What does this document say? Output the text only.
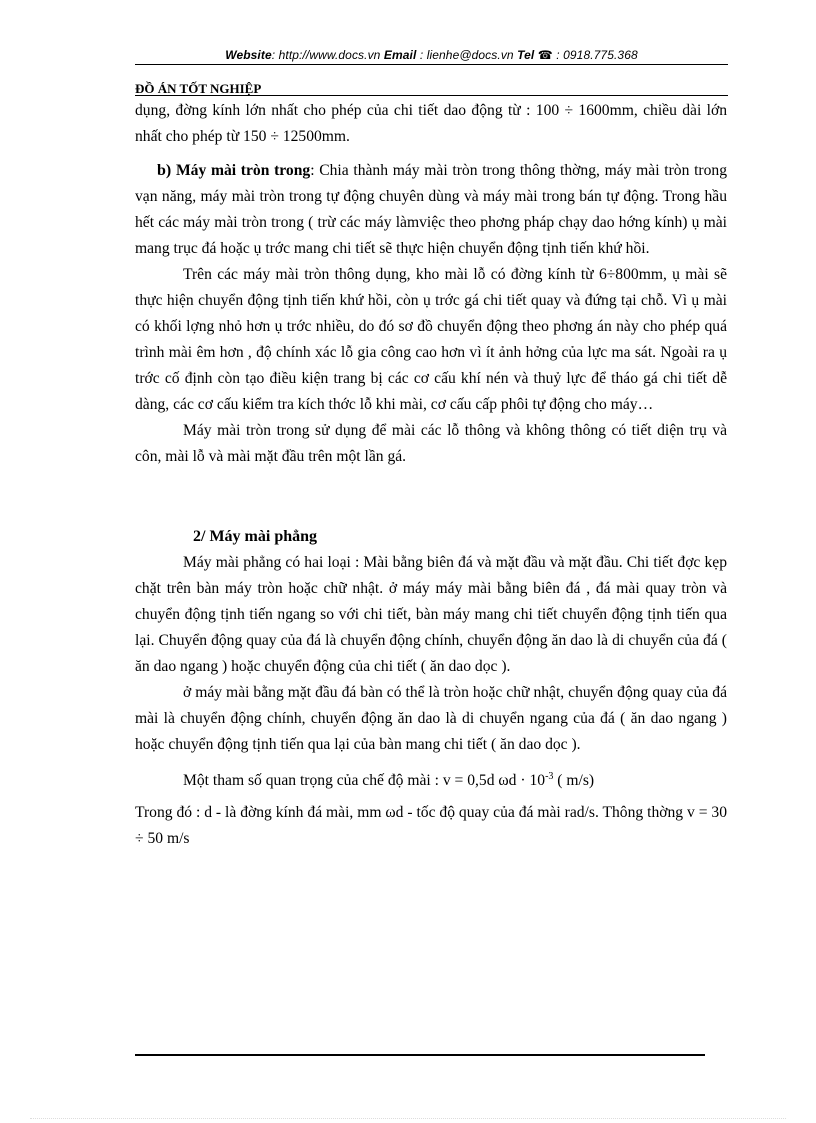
Website: http://www.docs.vn Email : lienhe@docs.vn Tel ☎ : 0918.775.368
ĐỒ ÁN TỐT NGHIỆP

dụng, đờng kính lớn nhất cho phép của chi tiết dao động từ : 100 ÷ 1600mm, chiều dài lớn nhất cho phép từ 150 ÷ 12500mm.

b) Máy mài tròn trong: Chia thành máy mài tròn trong thông thờng, máy mài tròn trong vạn năng, máy mài tròn trong tự động chuyên dùng và máy mài trong bán tự động. Trong hầu hết các máy mài tròn trong ( trừ các máy làmviệc theo phơng pháp chạy dao hớng kính) ụ mài mang trục đá hoặc ụ trớc mang chi tiết sẽ thực hiện chuyển động tịnh tiến khứ hồi.

Trên các máy mài tròn thông dụng, kho mài lỗ có đờng kính từ 6÷800mm, ụ mài sẽ thực hiện chuyển động tịnh tiến khứ hồi, còn ụ trớc gá chi tiết quay và đứng tại chỗ. Vì ụ mài có khối lợng nhỏ hơn ụ trớc nhiều, do đó sơ đồ chuyển động theo phơng án này cho phép quá trình mài êm hơn , độ chính xác lỗ gia công cao hơn vì ít ảnh hởng của lực ma sát. Ngoài ra ụ trớc cố định còn tạo điều kiện trang bị các cơ cấu khí nén và thuỷ lực để tháo gá chi tiết dễ dàng, các cơ cấu kiểm tra kích thớc lỗ khi mài, cơ cấu cấp phôi tự động cho máy…

Máy mài tròn trong sử dụng để mài các lỗ thông và không thông có tiết diện trụ và côn, mài lỗ và mài mặt đầu trên một lần gá.

2/ Máy mài phẳng

Máy mài phẳng có hai loại : Mài bằng biên đá và mặt đầu và mặt đầu. Chi tiết đợc kẹp chặt trên bàn máy tròn hoặc chữ nhật. ở máy máy mài bằng biên đá , đá mài quay tròn và chuyển động tịnh tiến ngang so với chi tiết, bàn máy mang chi tiết chuyển động tịnh tiến qua lại. Chuyển động quay của đá là chuyển động chính, chuyển động ăn dao là di chuyển của đá ( ăn dao ngang ) hoặc chuyển động của chi tiết ( ăn dao dọc ).

ở máy mài bằng mặt đầu đá bàn có thể là tròn hoặc chữ nhật, chuyển động quay của đá mài là chuyển động chính, chuyển động ăn dao là di chuyển ngang của đá ( ăn dao ngang ) hoặc chuyển động tịnh tiến qua lại của bàn mang chi tiết ( ăn dao dọc ).

Một tham số quan trọng của chế độ mài : v = 0,5d $\omega d \cdot 10^{-3}$ ( m/s)

Trong đó : d - là đờng kính đá mài, mm ωd - tốc độ quay của đá mài rad/s. Thông thờng v = 30 ÷ 50 m/s
